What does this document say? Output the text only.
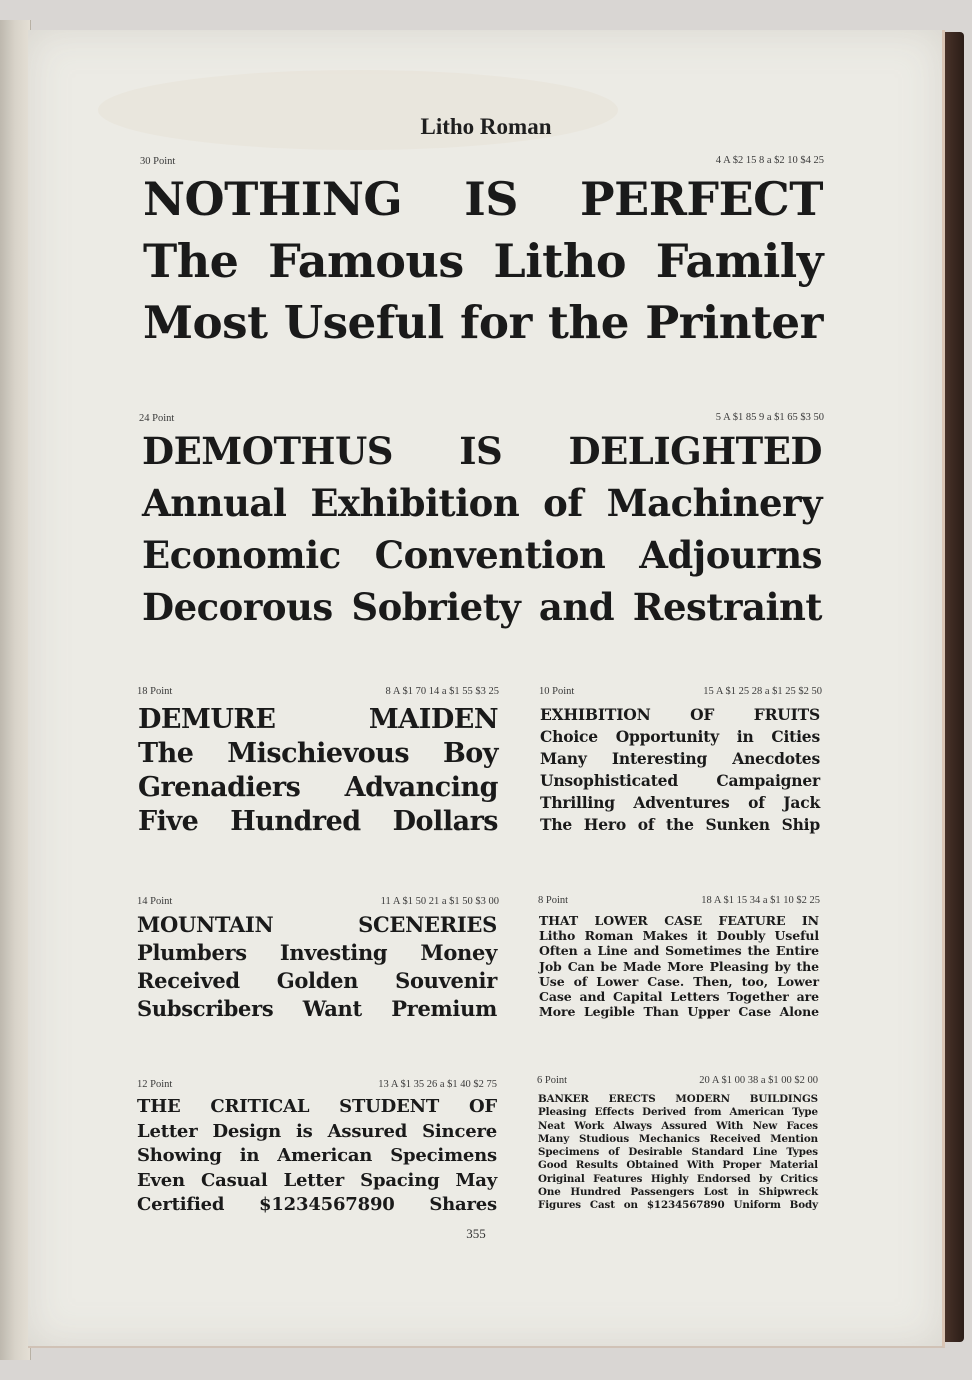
Litho Roman
30 Point	4 A $2 15 8 a $2 10 $4 25
NOTHING IS PERFECT
The Famous Litho Family
Most Useful for the Printer
24 Point	5 A $1 85 9 a $1 65 $3 50
DEMOTHUS IS DELIGHTED
Annual Exhibition of Machinery
Economic Convention Adjourns
Decorous Sobriety and Restraint
18 Point	8 A $1 70 14 a $1 55 $3 25
DEMURE MAIDEN
The Mischievous Boy
Grenadiers Advancing
Five Hundred Dollars
10 Point	15 A $1 25 28 a $1 25 $2 50
EXHIBITION OF FRUITS
Choice Opportunity in Cities
Many Interesting Anecdotes
Unsophisticated Campaigner
Thrilling Adventures of Jack
The Hero of the Sunken Ship
14 Point	11 A $1 50 21 a $1 50 $3 00
MOUNTAIN SCENERIES
Plumbers Investing Money
Received Golden Souvenir
Subscribers Want Premium
8 Point	18 A $1 15 34 a $1 10 $2 25
THAT LOWER CASE FEATURE IN
Litho Roman Makes it Doubly Useful
Often a Line and Sometimes the Entire
Job Can be Made More Pleasing by the
Use of Lower Case. Then, too, Lower
Case and Capital Letters Together are
More Legible Than Upper Case Alone
12 Point	13 A $1 35 26 a $1 40 $2 75
THE CRITICAL STUDENT OF
Letter Design is Assured Sincere
Showing in American Specimens
Even Casual Letter Spacing May
Certified $1234567890 Shares
6 Point	20 A $1 00 38 a $1 00 $2 00
BANKER ERECTS MODERN BUILDINGS
Pleasing Effects Derived from American Type
Neat Work Always Assured With New Faces
Many Studious Mechanics Received Mention
Specimens of Desirable Standard Line Types
Good Results Obtained With Proper Material
Original Features Highly Endorsed by Critics
One Hundred Passengers Lost in Shipwreck
Figures Cast on $1234567890 Uniform Body
355
